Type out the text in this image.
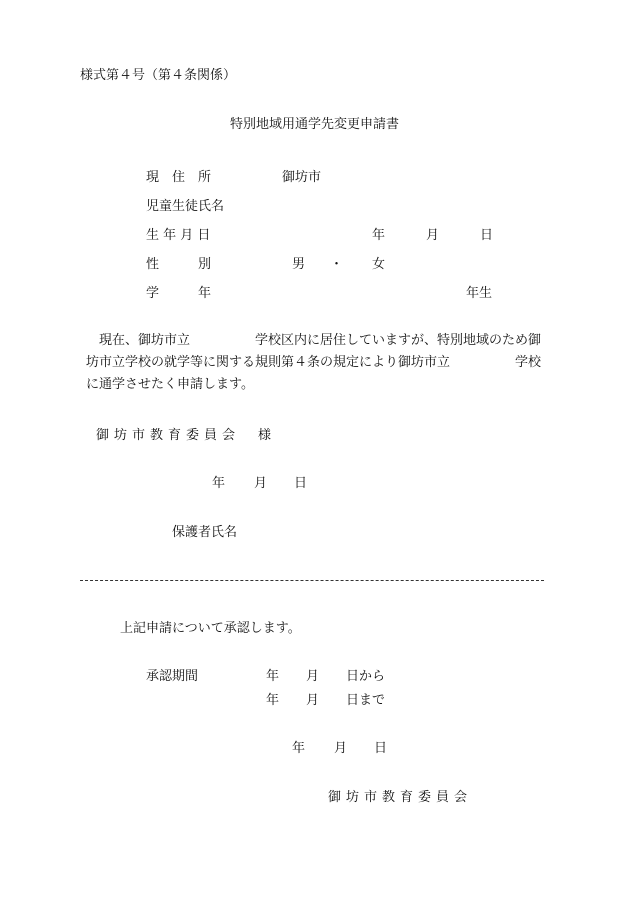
様式第４号（第４条関係）
特別地域用通学先変更申請書
現　住　所	御坊市
児童生徒氏名
生 年 月 日	年	月	日
性　　　別	男 ・ 女
学　　　年	年生
　現在、御坊市立　　　　　学校区内に居住していますが、特別地域のため御
坊市立学校の就学等に関する規則第４条の規定により御坊市立　　　　　学校
に通学させたく申請します。
御坊市教育委員会　様
年 月 日
保護者氏名
上記申請について承認します。
承認期間	年 月 日から
年 月 日まで
年 月 日
御坊市教育委員会
